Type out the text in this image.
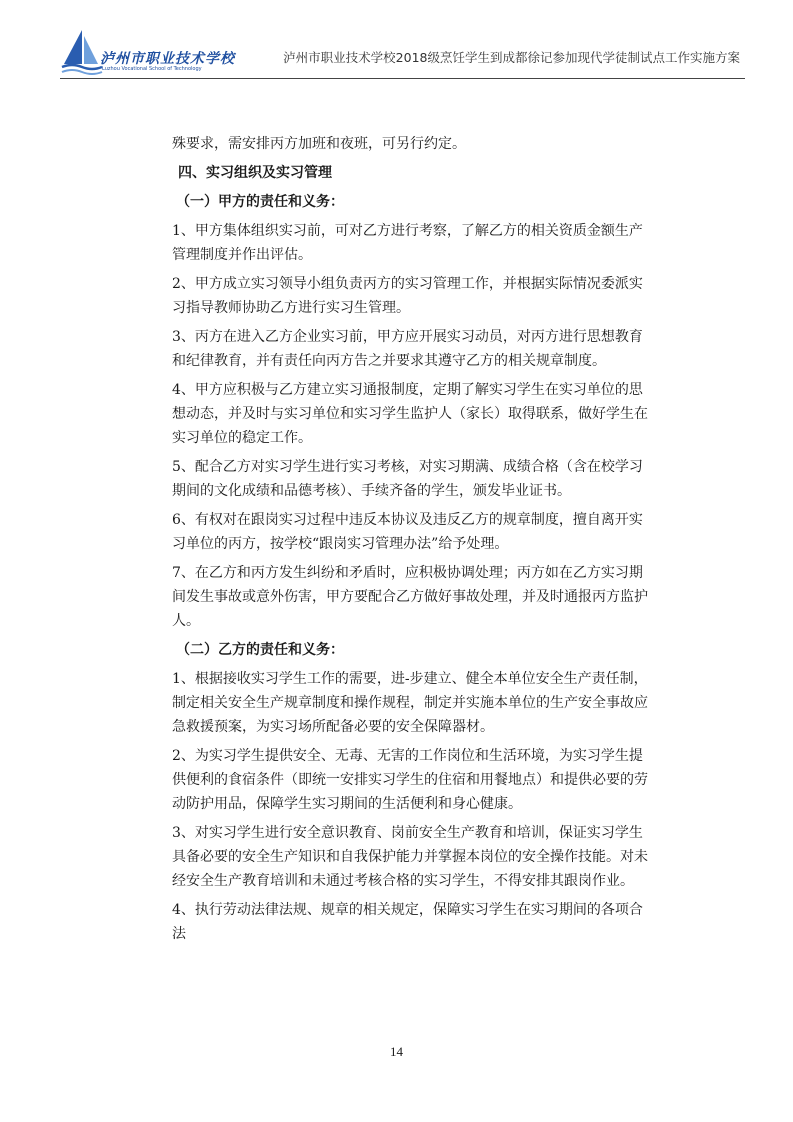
泸州市职业技术学校
Luzhou Vocational School of Technology
泸州市职业技术学校2018级烹饪学生到成都徐记参加现代学徒制试点工作实施方案

殊要求，需安排丙方加班和夜班，可另行约定。

四、实习组织及实习管理
（一）甲方的责任和义务：

1、甲方集体组织实习前，可对乙方进行考察，了解乙方的相关资质金额生产管理制度并作出评估。

2、甲方成立实习领导小组负责丙方的实习管理工作，并根据实际情况委派实习指导教师协助乙方进行实习生管理。

3、丙方在进入乙方企业实习前，甲方应开展实习动员，对丙方进行思想教育和纪律教育，并有责任向丙方告之并要求其遵守乙方的相关规章制度。

4、甲方应积极与乙方建立实习通报制度，定期了解实习学生在实习单位的思想动态，并及时与实习单位和实习学生监护人（家长）取得联系，做好学生在实习单位的稳定工作。

5、配合乙方对实习学生进行实习考核，对实习期满、成绩合格（含在校学习期间的文化成绩和品德考核）、手续齐备的学生，颁发毕业证书。

6、有权对在跟岗实习过程中违反本协议及违反乙方的规章制度，擅自离开实习单位的丙方，按学校“跟岗实习管理办法”给予处理。

7、在乙方和丙方发生纠纷和矛盾时，应积极协调处理；丙方如在乙方实习期间发生事故或意外伤害，甲方要配合乙方做好事故处理，并及时通报丙方监护人。

（二）乙方的责任和义务：

1、根据接收实习学生工作的需要，进-步建立、健全本单位安全生产责任制，制定相关安全生产规章制度和操作规程，制定并实施本单位的生产安全事故应急救援预案，为实习场所配备必要的安全保障器材。

2、为实习学生提供安全、无毒、无害的工作岗位和生活环境，为实习学生提供便利的食宿条件（即统一安排实习学生的住宿和用餐地点）和提供必要的劳动防护用品，保障学生实习期间的生活便利和身心健康。

3、对实习学生进行安全意识教育、岗前安全生产教育和培训，保证实习学生具备必要的安全生产知识和自我保护能力并掌握本岗位的安全操作技能。对未经安全生产教育培训和未通过考核合格的实习学生，不得安排其跟岗作业。

4、执行劳动法律法规、规章的相关规定，保障实习学生在实习期间的各项合法

14
